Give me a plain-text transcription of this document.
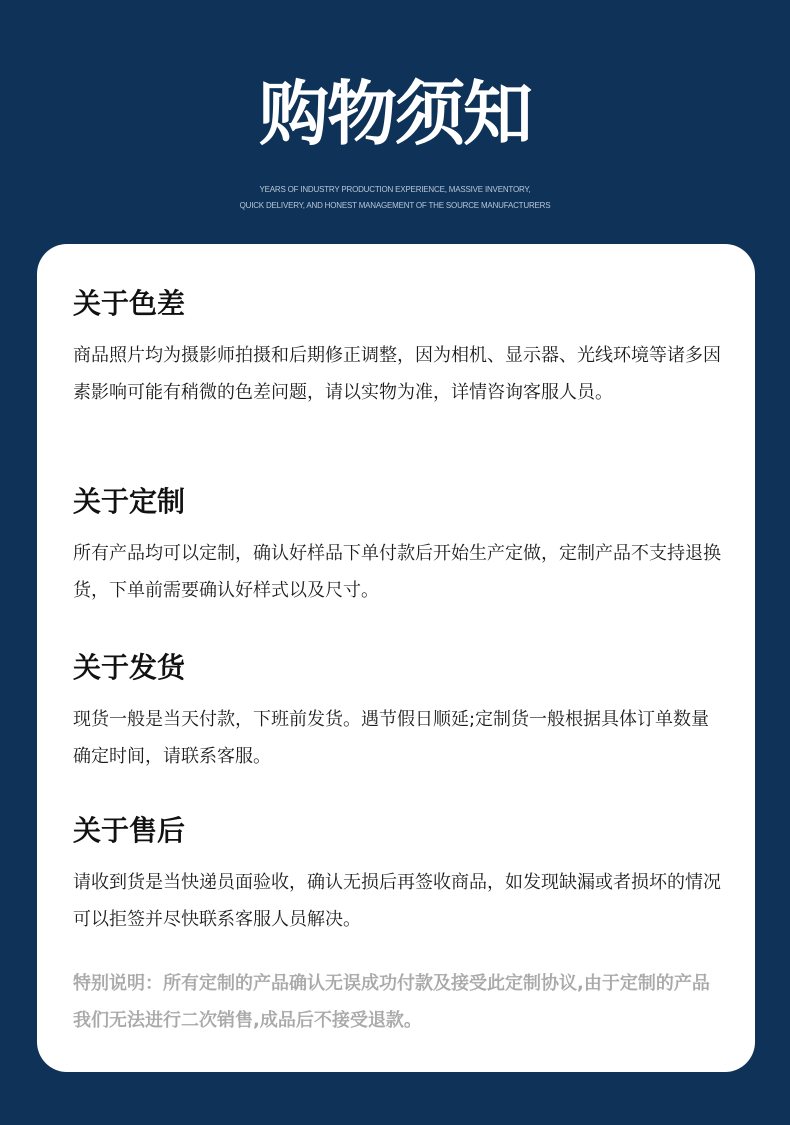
购物须知
YEARS OF INDUSTRY PRODUCTION EXPERIENCE, MASSIVE INVENTORY,
QUICK DELIVERY, AND HONEST MANAGEMENT OF THE SOURCE MANUFACTURERS
关于色差

商品照片均为摄影师拍摄和后期修正调整，因为相机、显示器、光线环境等诸多因素影响可能有稍微的色差问题，请以实物为准，详情咨询客服人员。

关于定制

所有产品均可以定制，确认好样品下单付款后开始生产定做，定制产品不支持退换货，下单前需要确认好样式以及尺寸。

关于发货

现货一般是当天付款，下班前发货。遇节假日顺延;定制货一般根据具体订单数量确定时间，请联系客服。

关于售后

请收到货是当快递员面验收，确认无损后再签收商品，如发现缺漏或者损坏的情况可以拒签并尽快联系客服人员解决。

特别说明：所有定制的产品确认无误成功付款及接受此定制协议,由于定制的产品我们无法进行二次销售,成品后不接受退款。
